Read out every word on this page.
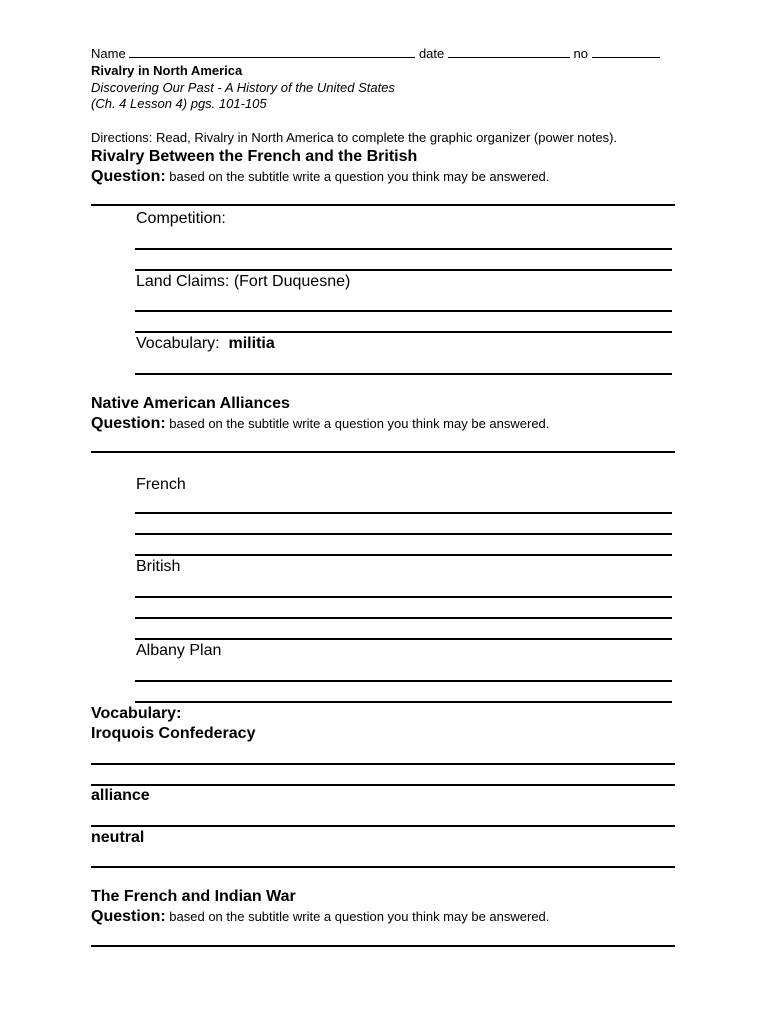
Name	date	no
Rivalry in North America
Discovering Our Past - A History of the United States
(Ch. 4 Lesson 4) pgs. 101-105
Directions: Read, Rivalry in North America to complete the graphic organizer (power notes).
Rivalry Between the French and the British
Question: based on the subtitle write a question you think may be answered.
Competition:
Land Claims: (Fort Duquesne)
Vocabulary: militia
Native American Alliances
Question: based on the subtitle write a question you think may be answered.
French
British
Albany Plan
Vocabulary:
Iroquois Confederacy
alliance
neutral
The French and Indian War
Question: based on the subtitle write a question you think may be answered.
